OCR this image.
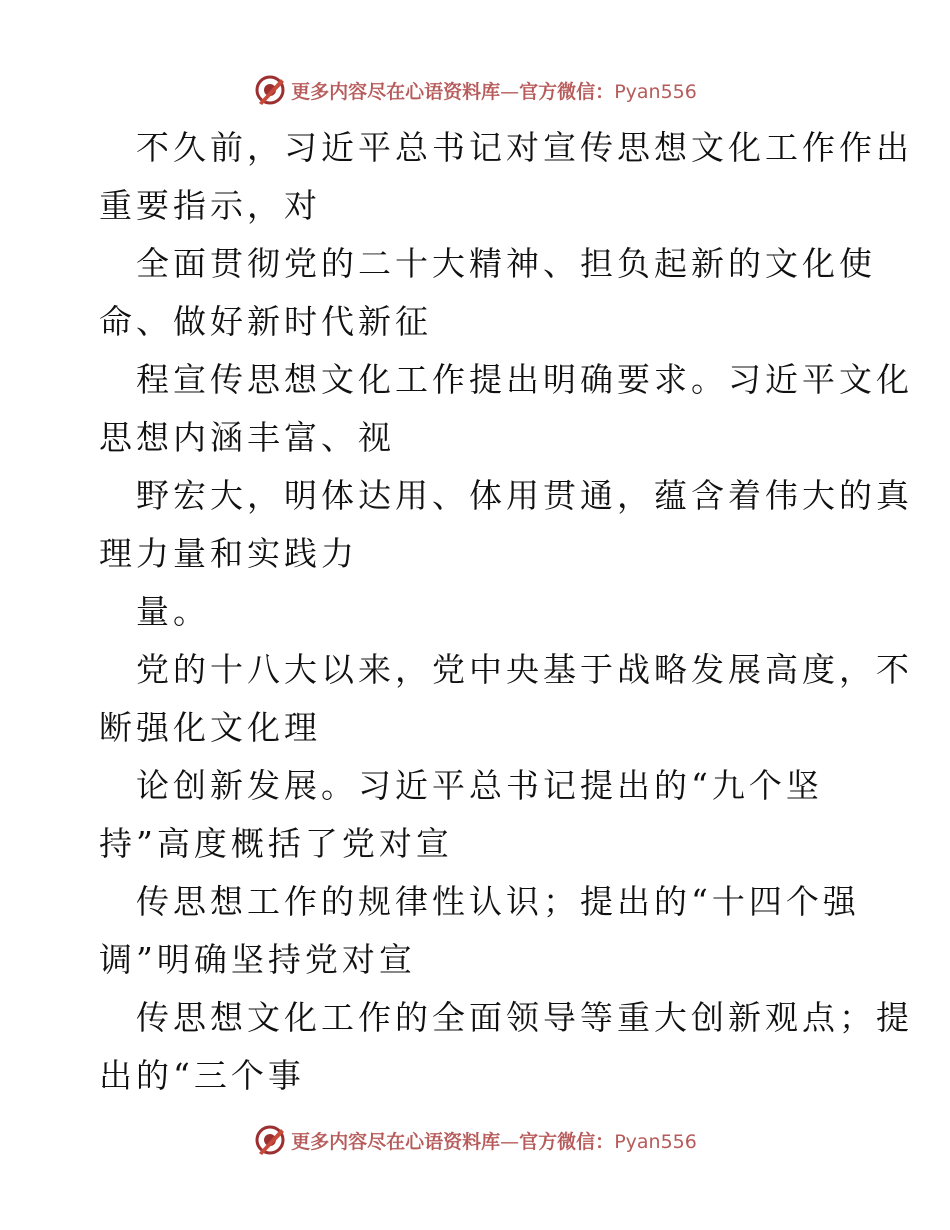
更多内容尽在心语资料库—官方微信：Pyan556
不久前，习近平总书记对宣传思想文化工作作出
重要指示，对
全面贯彻党的二十大精神、担负起新的文化使
命、做好新时代新征
程宣传思想文化工作提出明确要求。习近平文化
思想内涵丰富、视
野宏大，明体达用、体用贯通，蕴含着伟大的真
理力量和实践力
量。
党的十八大以来，党中央基于战略发展高度，不
断强化文化理
论创新发展。习近平总书记提出的“九个坚
持”高度概括了党对宣
传思想工作的规律性认识；提出的“十四个强
调”明确坚持党对宣
传思想文化工作的全面领导等重大创新观点；提
出的“三个事
更多内容尽在心语资料库—官方微信：Pyan556
